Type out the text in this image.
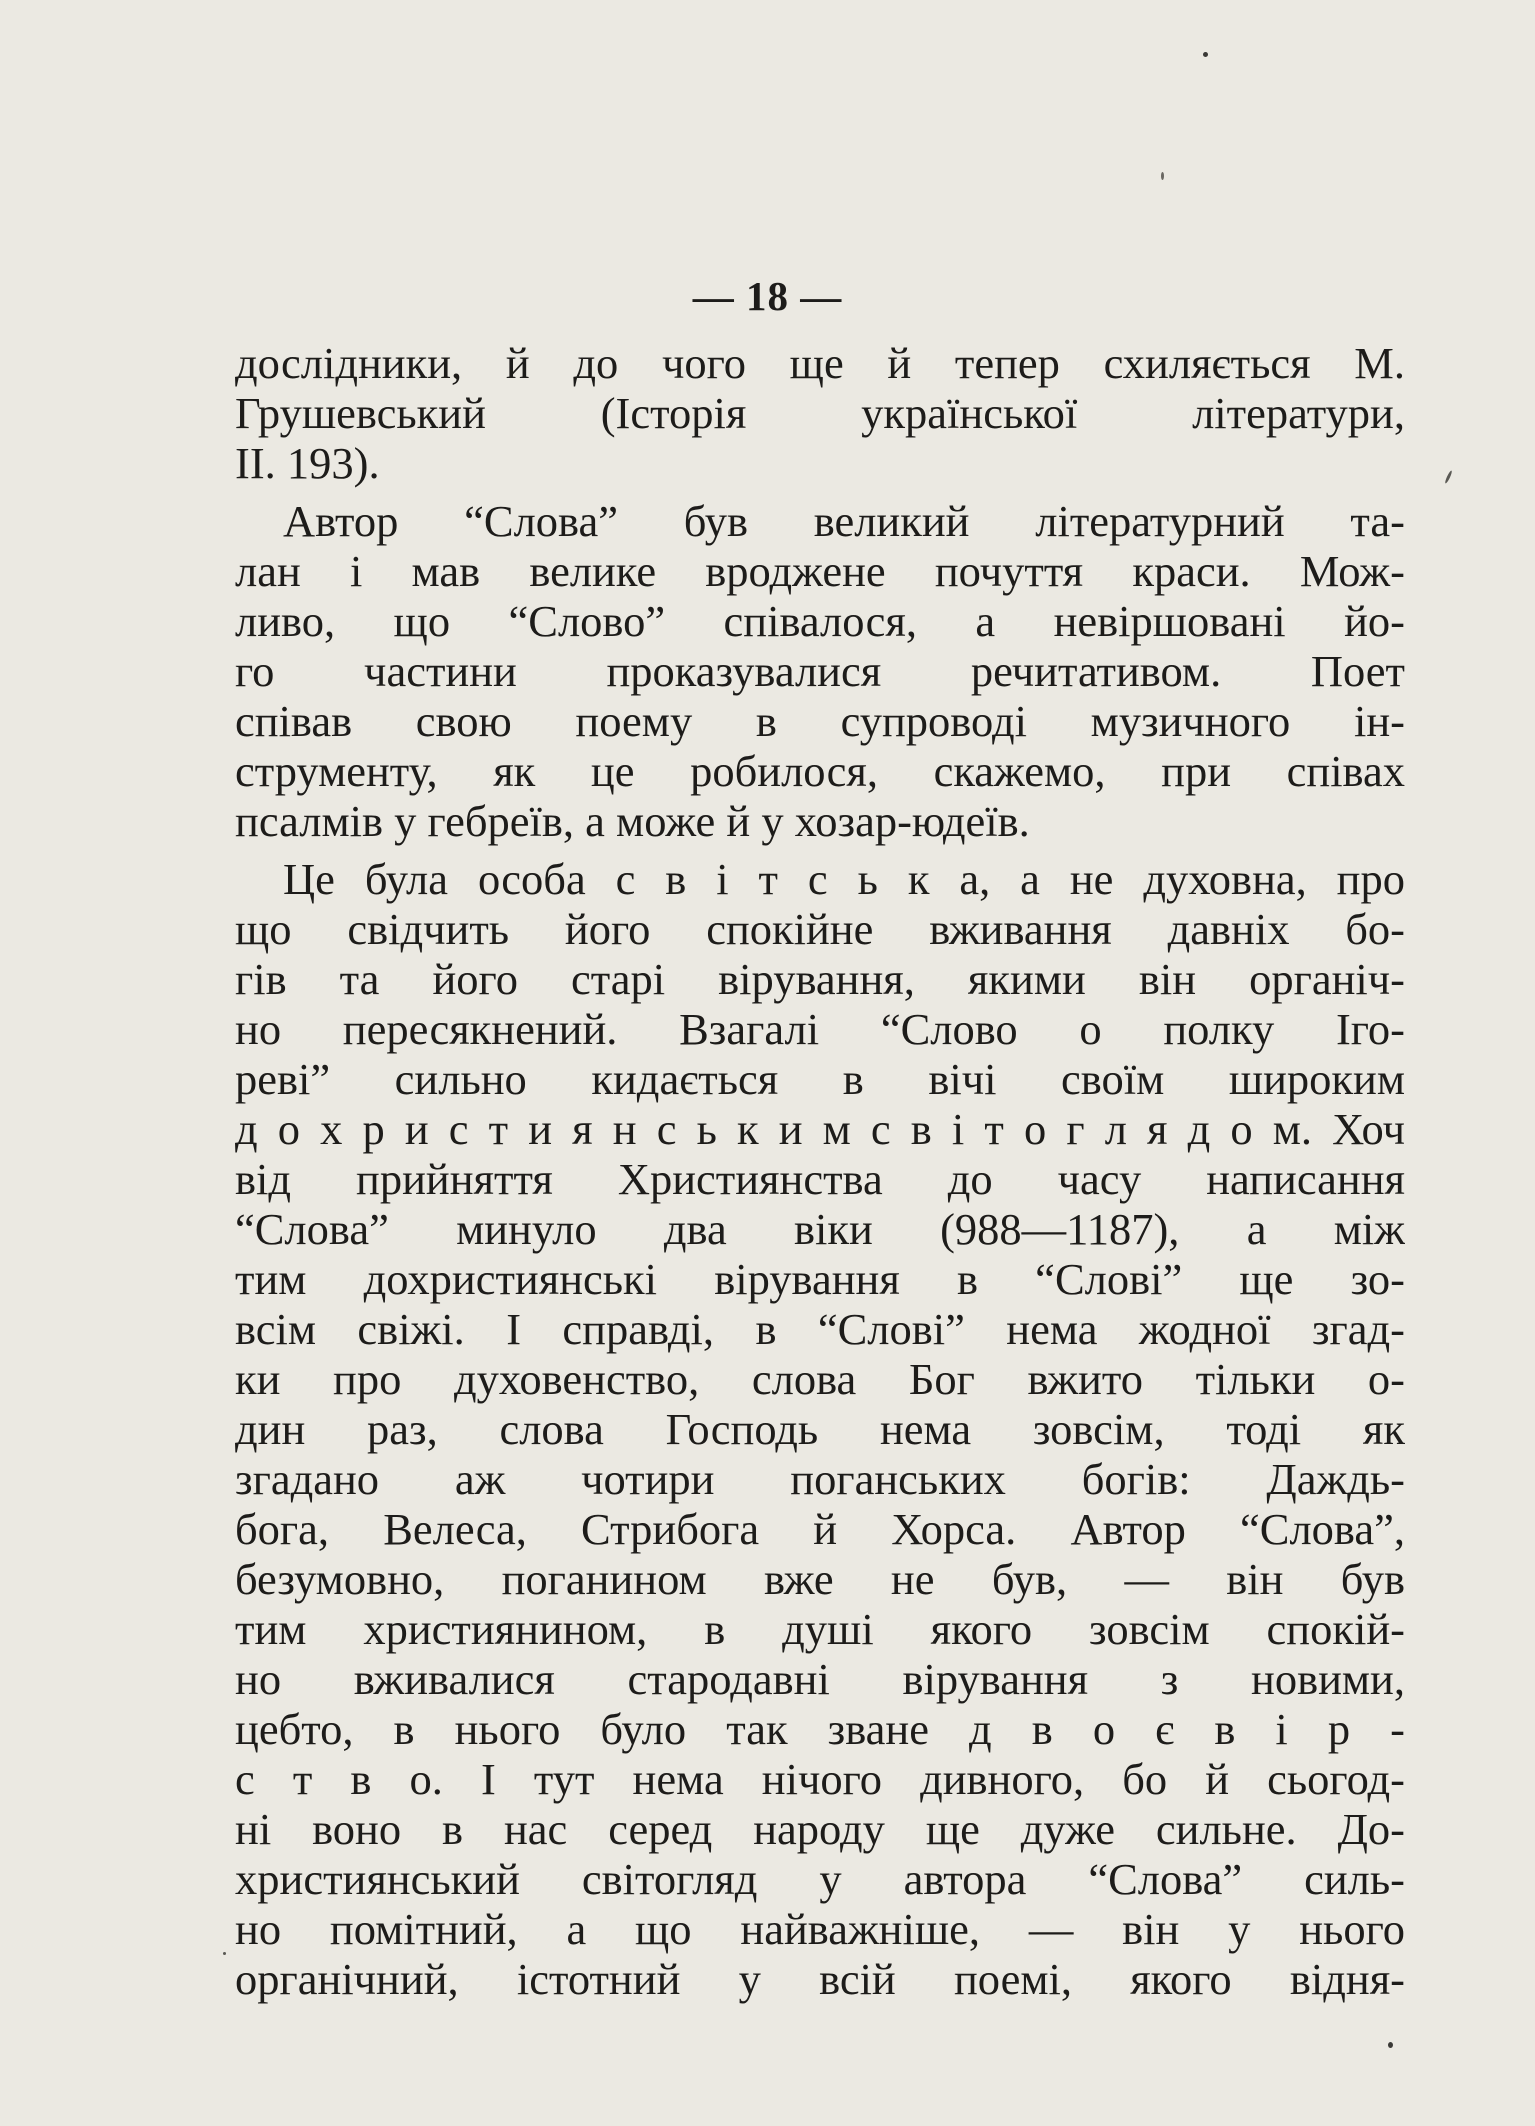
— 18 —
дослідники, й до чого ще й тепер схиляється М.
Грушевський (Історія української літератури,
II. 193).
Автор “Слова” був великий літературний та-
лан і мав велике вроджене почуття краси. Мож-
ливо, що “Слово” співалося, а невіршовані йо-
го частини проказувалися речитативом. Поет
співав свою поему в супроводі музичного ін-
струменту, як це робилося, скажемо, при співах
псалмів у гебреїв, а може й у хозар-юдеїв.
Це була особа с в і т с ь к а, а не духовна, про
що свідчить його спокійне вживання давніх бо-
гів та його старі вірування, якими він органіч-
но пересякнений. Взагалі “Слово о полку Іго-
реві” сильно кидається в вічі своїм широким
д о х р и с т и я н с ь к и м с в і т о г л я д о м. Хоч
від прийняття Християнства до часу написання
“Слова” минуло два віки (988—1187), а між
тим дохристиянські вірування в “Слові” ще зо-
всім свіжі. І справді, в “Слові” нема жодної згад-
ки про духовенство, слова Бог вжито тільки о-
дин раз, слова Господь нема зовсім, тоді як
згадано аж чотири поганських богів: Даждь-
бога, Велеса, Стрибога й Хорса. Автор “Слова”,
безумовно, поганином вже не був, — він був
тим християнином, в душі якого зовсім спокій-
но вживалися стародавні вірування з новими,
цебто, в нього було так зване д в о є в і р -
с т в о. І тут нема нічого дивного, бо й сьогод-
ні воно в нас серед народу ще дуже сильне. До-
християнський світогляд у автора “Слова” силь-
но помітний, а що найважніше, — він у нього
органічний, істотний у всій поемі, якого відня-
